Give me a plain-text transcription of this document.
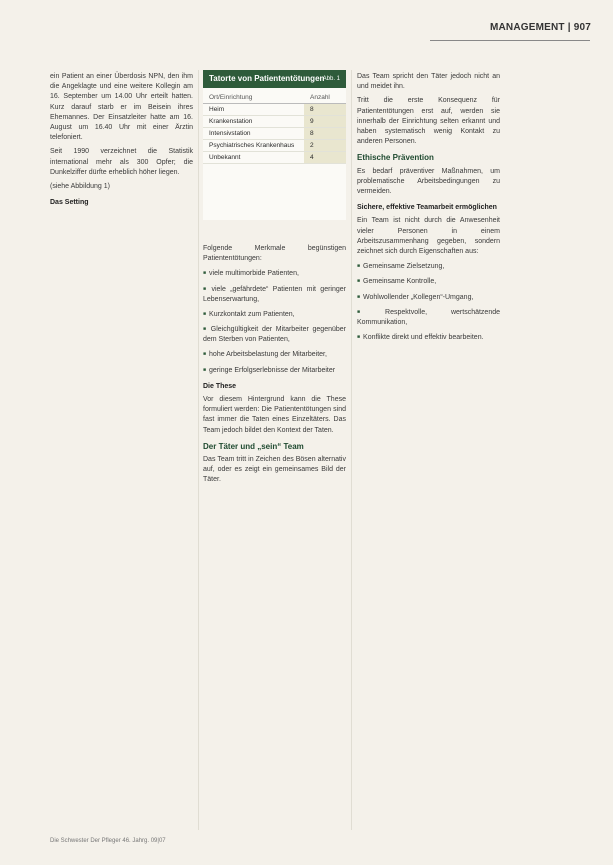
MANAGEMENT | 907

ein Patient an einer Überdosis NPN, den ihm die Angeklagte und eine weitere Kollegin am 16. September um 14.00 Uhr erteilt hatten. Kurz darauf starb er im Beisein ihres Ehemannes. Der Einsatzleiter hatte am 16. August um 16.40 Uhr mit einer Ärztin telefoniert.

Seit 1990 verzeichnet die Statistik international mehr als 300 Opfer; die Dunkelziffer dürfte erheblich höher liegen.

(siehe Abbildung 1)

Das Setting
Tatorte von Patiententötungen
Abb. 1
Ort/Einrichtung	Anzahl
Heim	8
Krankenstation	9
Intensivstation	8
Psychiatrisches Krankenhaus	2
Unbekannt	4

Folgende Merkmale begünstigen Patiententötungen:

■ viele multimorbide Patienten,

■ viele „gefährdete“ Patienten mit geringer Lebenserwartung,

■ Kurzkontakt zum Patienten,

■ Gleichgültigkeit der Mitarbeiter gegenüber dem Sterben von Patienten,

■ hohe Arbeitsbelastung der Mitarbeiter,

■ geringe Erfolgserlebnisse der Mitarbeiter

Die These

Vor diesem Hintergrund kann die These formuliert werden: Die Patiententötungen sind fast immer die Taten eines Einzeltäters. Das Team jedoch bildet den Kontext der Taten.

Der Täter und „sein“ Team

Das Team tritt in Zeichen des Bösen alternativ auf, oder es zeigt ein gemeinsames Bild der Täter.

Das Team spricht den Täter jedoch nicht an und meidet ihn.

Tritt die erste Konsequenz für Patiententötungen erst auf, werden sie innerhalb der Einrichtung selten erkannt und haben systematisch wenig Kontakt zu anderen Personen.

Ethische Prävention

Es bedarf präventiver Maßnahmen, um problematische Arbeitsbedingungen zu vermeiden.

Sichere, effektive Teamarbeit ermöglichen

Ein Team ist nicht durch die Anwesenheit vieler Personen in einem Arbeitszusammenhang gegeben, sondern zeichnet sich durch Eigenschaften aus:

■ Gemeinsame Zielsetzung,

■ Gemeinsame Kontrolle,

■ Wohlwollender „Kollegen“-Umgang,

■ Respektvolle, wertschätzende Kommunikation,

■ Konflikte direkt und effektiv bearbeiten.

Die Schwester Der Pfleger 46. Jahrg. 09|07
